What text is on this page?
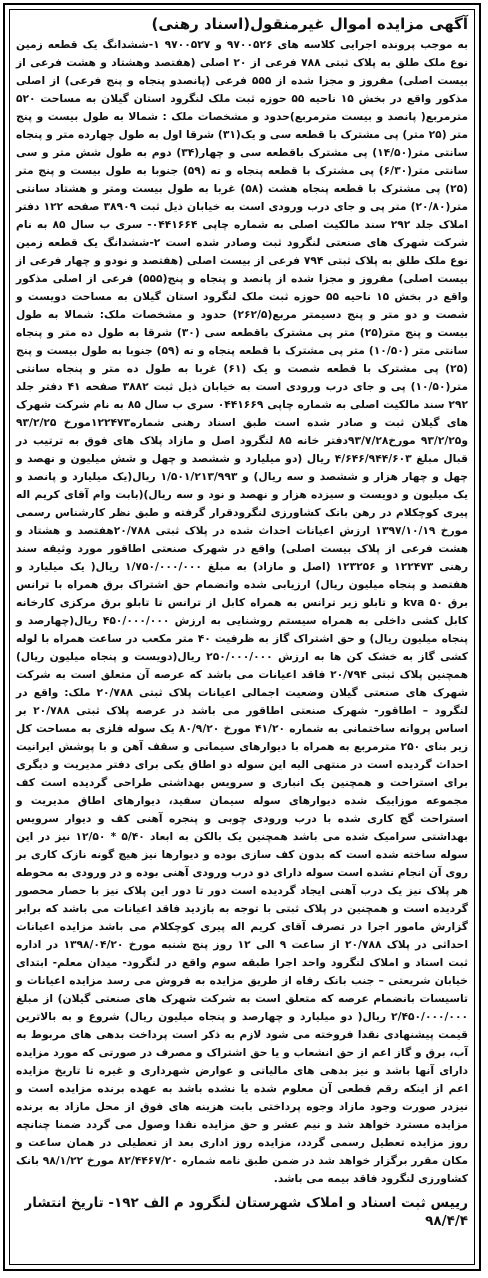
آگهی مزایده اموال غیرمنقول(اسناد رهنی)

به موجب پرونده اجرایی کلاسه های ۹۷۰۰۵۲۶ و ۹۷۰۰۵۲۷ ۱-ششدانگ یک قطعه زمین نوع ملک طلق به پلاک ثبتی ۷۸۸ فرعی از ۲۰ اصلی (هفتصد وهشتاد و هشت فرعی از بیست اصلی) مفروز و مجزا شده از ۵۵۵ فرعی (پانصدو پنجاه و پنج فرعی) از اصلی مذکور واقع در بخش ۱۵ ناحیه ۵۵ حوزه ثبت ملک لنگرود استان گیلان به مساحت ۵۲۰ مترمربع( پانصد و بیست مترمربع)حدود و مشخصات ملک : شمالا به طول بیست و پنج متر (۲۵ متر) پی مشترک با قطعه سی و یک(۳۱) شرقا اول به طول چهارده متر و پنجاه سانتی متر(۱۴/۵۰) پی مشترک باقطعه سی و چهار(۳۴) دوم به طول شش متر و سی سانتی متر(۶/۳۰) پی مشترک با قطعه پنجاه و نه (۵۹) جنوبا به طول بیست و پنج متر (۲۵) پی مشترک با قطعه پنجاه هشت (۵۸) غربا به طول بیست ومتر و هشتاد سانتی متر(۲۰/۸۰) متر پی و جای درب ورودی است به خیابان ذیل ثبت ۳۸۹۰۹ صفحه ۱۲۲ دفتر املاک جلد ۲۹۲ سند مالکیت اصلی به شماره چاپی ۰۴۴۱۶۶۴- سری ب سال ۸۵ به نام شرکت شهرک های صنعتی لنگرود ثبت وصادر شده است ۲-ششدانگ یک قطعه زمین نوع ملک طلق به پلاک ثبتی ۷۹۴ فرعی از بیست اصلی (هفتصد و نودو و چهار فرعی از بیست اصلی) مفروز و مجزا شده از پانصد و پنجاه و پنج(۵۵۵) فرعی از اصلی مذکور واقع در بخش ۱۵ ناحیه ۵۵ حوزه ثبت ملک لنگرود استان گیلان به مساحت دویست و شصت و دو متر و پنج دسیمتر مربع(۲۶۲/۵) حدود و مشخصات ملک: شمالا به طول بیست و پنج متر(۲۵) متر پی مشترک باقطعه سی (۳۰) شرقا به طول ده متر و پنجاه سانتی متر (۱۰/۵۰) متر پی مشترک با قطعه پنجاه و نه (۵۹) جنوبا به طول بیست و پنج (۲۵) پی مشترک با قطعه شصت و یک (۶۱) غربا به طول ده متر و پنجاه سانتی متر(۱۰/۵۰) پی و جای درب ورودی است به خیابان ذیل ثبت ۳۸۸۲ صفحه ۴۱ دفتر جلد ۲۹۲ سند مالکیت اصلی به شماره چاپی ۰۴۴۱۶۶۹ سری ب سال ۸۵ به نام شرکت شهرک های گیلان ثبت و صادر شده است طبق اسناد رهنی شماره۱۲۲۴۷۳مورخ ۹۳/۲/۲۵ و۹۳/۲/۲۵ مورخ۹۳/۷/۲۸دفتر خانه ۸۵ لنگرود اصل و مازاد پلاک های فوق به ترتیب در قبال مبلغ ۴/۶۴۶/۹۴۴/۶۰۳ ریال (دو میلیارد و ششصد و چهل و شش میلیون و نهصد و چهل و چهار هزار و ششصد و سه ریال) و ۱/۵۰۱/۲۱۳/۹۹۳ ریال(یک میلیارد و پانصد و یک میلیون و دویست و سیزده هزار و نهصد و نود و سه ریال)(بابت وام آقای کریم اله پیری کوچکلام در رهن بانک کشاورزی لنگرودقرار گرفته و طبق نظر کارشناس رسمی مورخ ۱۳۹۷/۱۰/۱۹ ارزش اعیانات احداث شده در پلاک ثبتی ۲۰/۷۸۸هفتصد و هشتاد و هشت فرعی از پلاک بیست اصلی) واقع در شهرک صنعتی اطاقور مورد وثیقه سند رهنی ۱۲۲۴۷۳ و ۱۲۳۲۵۶ (اصل و مازاد) به مبلغ ۱/۷۵۰/۰۰۰/۰۰۰ ریال( یک میلیارد و هفتصد و پنجاه میلیون ریال) ارزیابی شده وانضمام حق اشتراک برق همراه با ترانس برق ۵۰ kva و تابلو زیر ترانس به همراه کابل از ترانس تا تابلو برق مرکزی کارخانه کابل کشی داخلی به همراه سیستم روشنایی به ارزش ۴۵۰/۰۰۰/۰۰۰ ریال(چهارصد و پنجاه میلیون ریال) و حق اشتراک گاز به ظرفیت ۴۰ متر مکعب در ساعت همراه با لوله کشی گاز به خشک کن ها به ارزش ۲۵۰/۰۰۰/۰۰۰ ریال(دویست و پنجاه میلیون ریال) همچنین پلاک ثبتی ۲۰/۷۹۴ فاقد اعیانات می باشد که عرصه آن متعلق است به شرکت شهرک های صنعتی گیلان وضعیت اجمالی اعیانات پلاک ثبتی ۲۰/۷۸۸ ملک: واقع در لنگرود – اطاقور- شهرک صنعتی اطاقور می باشد در عرصه پلاک ثبتی ۲۰/۷۸۸ بر اساس پروانه ساختمانی به شماره ۴۱/۲۰ مورخ ۸۰/۹/۲۰ یک سوله فلزی به مساحت کل زیر بنای ۲۵۰ مترمربع به همراه با دیوارهای سیمانی و سقف آهن و با پوشش ایرانیت احداث گردیده است در منتهی الیه این سوله دو اطاق یکی برای دفتر مدیریت و دیگری برای استراحت و همچنین یک انباری و سرویس بهداشتی طراحی گردیده است کف مجموعه موزاییک شده دیوارهای سوله سیمان سفید، دیوارهای اطاق مدیریت و استراحت گچ کاری شده با درب ورودی چوبی و پنجره آهنی کف و دیوار سرویس بهداشتی سرامیک شده می باشد همچنین یک بالکن به ابعاد ۵/۴۰ * ۱۲/۵۰ نیز در این سوله ساخته شده است که بدون کف سازی بوده و دیوارها نیز هیچ گونه نازک کاری بر روی آن انجام نشده است سوله دارای دو درب ورودی آهنی بوده و در ورودی به محوطه هر پلاک نیز یک درب آهنی ایجاد گردیده است دور تا دور این پلاک نیز با حصار محصور گردیده است و همچنین در پلاک ثبتی با توجه به بازدید فاقد اعیانات می باشد که برابر گزارش مامور اجرا در تصرف آقای کریم اله پیری کوچکلام می باشد مزایده اعیانات احداثی در پلاک ۲۰/۷۸۸ از ساعت ۹ الی ۱۲ روز پنج شنبه مورخ ۱۳۹۸/۰۴/۲۰ در اداره ثبت اسناد و املاک لنگرود واحد اجرا طبقه سوم واقع در لنگرود- میدان معلم- ابتدای خیابان شریعتی – جنب بانک رفاه از طریق مزایده به فروش می رسد مزایده اعیانات و تاسیسات بانضمام عرصه که متعلق است به شرکت شهرک های صنعتی گیلان) از مبلغ ۲/۴۵۰/۰۰۰/۰۰۰ ریال( دو میلیارد و چهارصد و پنجاه میلیون ریال) شروع و به بالاترین قیمت پیشنهادی نقدا فروخته می شود لازم به ذکر است پرداخت بدهی های مربوط به آب، برق و گاز اعم از حق انشعاب و یا حق اشتراک و مصرف در صورتی که مورد مزایده دارای آنها باشد و نیز بدهی های مالیاتی و عوارض شهرداری و غیره تا تاریخ مزایده اعم از اینکه رقم قطعی آن معلوم شده یا نشده باشد به عهده برنده مزایده است و نیزدر صورت وجود مازاد وجوه پرداختی بابت هزینه های فوق از محل مازاد به برنده مزایده مسترد خواهد شد و نیم عشر و حق مزایده نقدا وصول می گردد ضمنا چنانچه روز مزایده تعطیل رسمی گردد، مزایده روز اداری بعد از تعطیلی در همان ساعت و مکان مقرر برگزار خواهد شد در ضمن طبق نامه شماره ۸۲/۴۴۶۷/۲۰ مورخ ۹۸/۱/۲۲ بانک کشاورزی لنگرود فاقد بیمه می باشد.

رییس ثبت اسناد و املاک شهرستان لنگرود م الف ۱۹۲- تاریخ انتشار ۹۸/۴/۴
